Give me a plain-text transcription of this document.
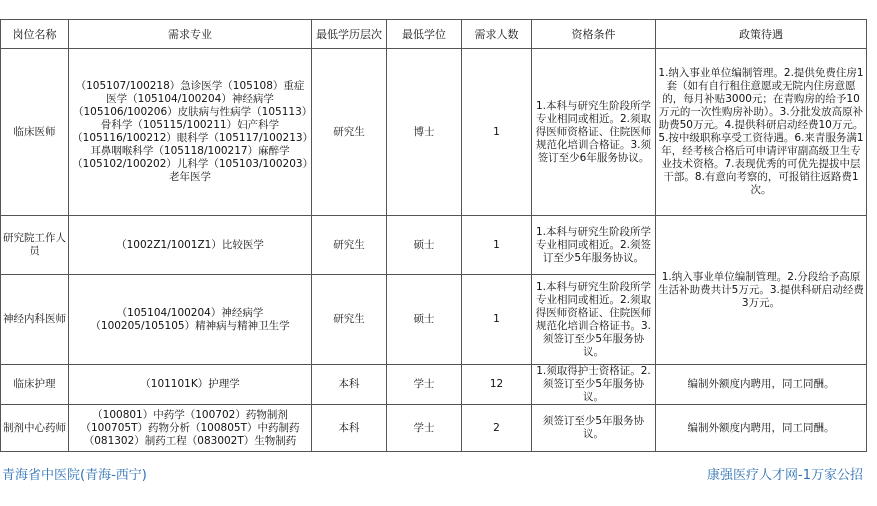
岗位名称	需求专业	最低学历层次	最低学位	需求人数	资格条件	政策待遇
临床医师	（105107/100218）急诊医学（105108）重症医学（105104/100204）神经病学（105106/100206）皮肤病与性病学（105113）骨科学（105115/100211）妇产科学（105116/100212）眼科学（105117/100213）耳鼻咽喉科学（105118/100217）麻醉学（105102/100202）儿科学（105103/100203）老年医学	研究生	博士	1	1.本科与研究生阶段所学专业相同或相近。2.须取得医师资格证、住院医师规范化培训合格证。3.须签订至少6年服务协议。	1.纳入事业单位编制管理。2.提供免费住房1套（如有自行租住意愿或无院内住房意愿的，每月补贴3000元；在青购房的给予10万元的一次性购房补助）。3.分批发放高原补助费50万元。4.提供科研启动经费10万元。5.按中级职称享受工资待遇。6.来青服务满1年，经考核合格后可申请评审副高级卫生专业技术资格。7.表现优秀的可优先提拔中层干部。8.有意向考察的，可报销往返路费1次。
研究院工作人员	（1002Z1/1001Z1）比较医学	研究生	硕士	1	1.本科与研究生阶段所学专业相同或相近。2.须签订至少5年服务协议。	1.纳入事业单位编制管理。2.分段给予高原生活补助费共计5万元。3.提供科研启动经费3万元。
神经内科医师	（105104/100204）神经病学（100205/105105）精神病与精神卫生学	研究生	硕士	1	1.本科与研究生阶段所学专业相同或相近。2.须取得医师资格证、住院医师规范化培训合格证书。3.须签订至少5年服务协议。	
临床护理	（101101K）护理学	本科	学士	12	1.须取得护士资格证。2.须签订至少5年服务协议。	编制外额度内聘用，同工同酬。
制剂中心药师	（100801）中药学（100702）药物制剂（100705T）药物分析（100805T）中药制药（081302）制药工程（083002T）生物制药	本科	学士	2	须签订至少5年服务协议。	编制外额度内聘用，同工同酬。
青海省中医院(青海-西宁)	康强医疗人才网-1万家公招
